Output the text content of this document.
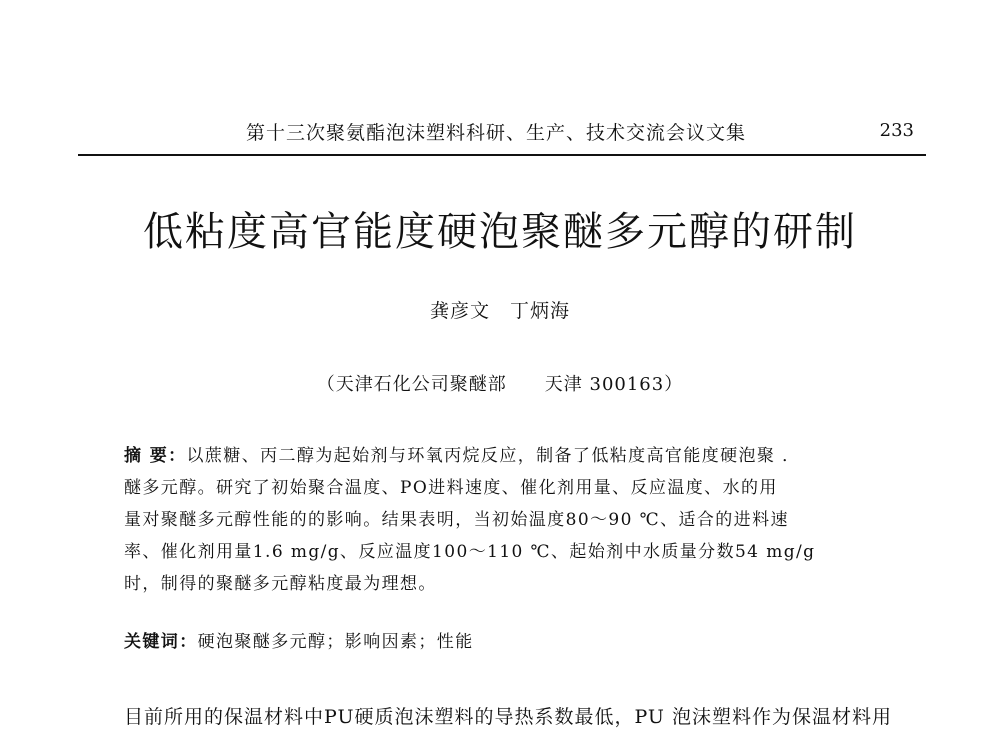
第十三次聚氨酯泡沫塑料科研、生产、技术交流会议文集	233
低粘度高官能度硬泡聚醚多元醇的研制
龚彦文　丁炳海
（天津石化公司聚醚部　　天津 300163）
摘 要：以蔗糖、丙二醇为起始剂与环氧丙烷反应，制备了低粘度高官能度硬泡聚 ．
醚多元醇。研究了初始聚合温度、PO进料速度、催化剂用量、反应温度、水的用
量对聚醚多元醇性能的的影响。结果表明，当初始温度80～90 ℃、适合的进料速
率、催化剂用量1.6 mg/g、反应温度100～110 ℃、起始剂中水质量分数54 mg/g
时，制得的聚醚多元醇粘度最为理想。
关键词：硬泡聚醚多元醇；影响因素；性能
目前所用的保温材料中PU硬质泡沫塑料的导热系数最低，PU 泡沫塑料作为保温材料用
